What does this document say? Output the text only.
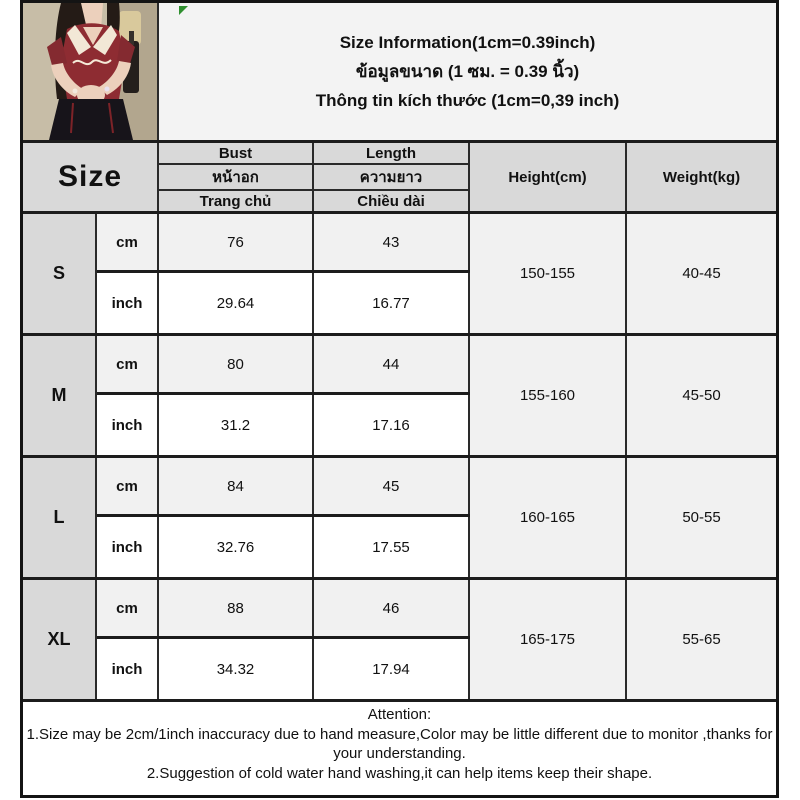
Size Information(1cm=0.39inch)
ข้อมูลขนาด (1 ซม. = 0.39 นิ้ว)
Thông tin kích thước (1cm=0,39 inch)
Size
Bust
หน้าอก
Trang chủ
Length
ความยาว
Chiều dài
Height(cm)	Weight(kg)
S
cm	76	43
inch	29.64	16.77
150-155	40-45
M
cm	80	44
inch	31.2	17.16
155-160	45-50
L
cm	84	45
inch	32.76	17.55
160-165	50-55
XL
cm	88	46
inch	34.32	17.94
165-175	55-65
Attention:
1.Size may be 2cm/1inch inaccuracy due to hand measure,Color may be little different due to monitor ,thanks for your understanding.
2.Suggestion of cold water hand washing,it can help items keep their shape.
